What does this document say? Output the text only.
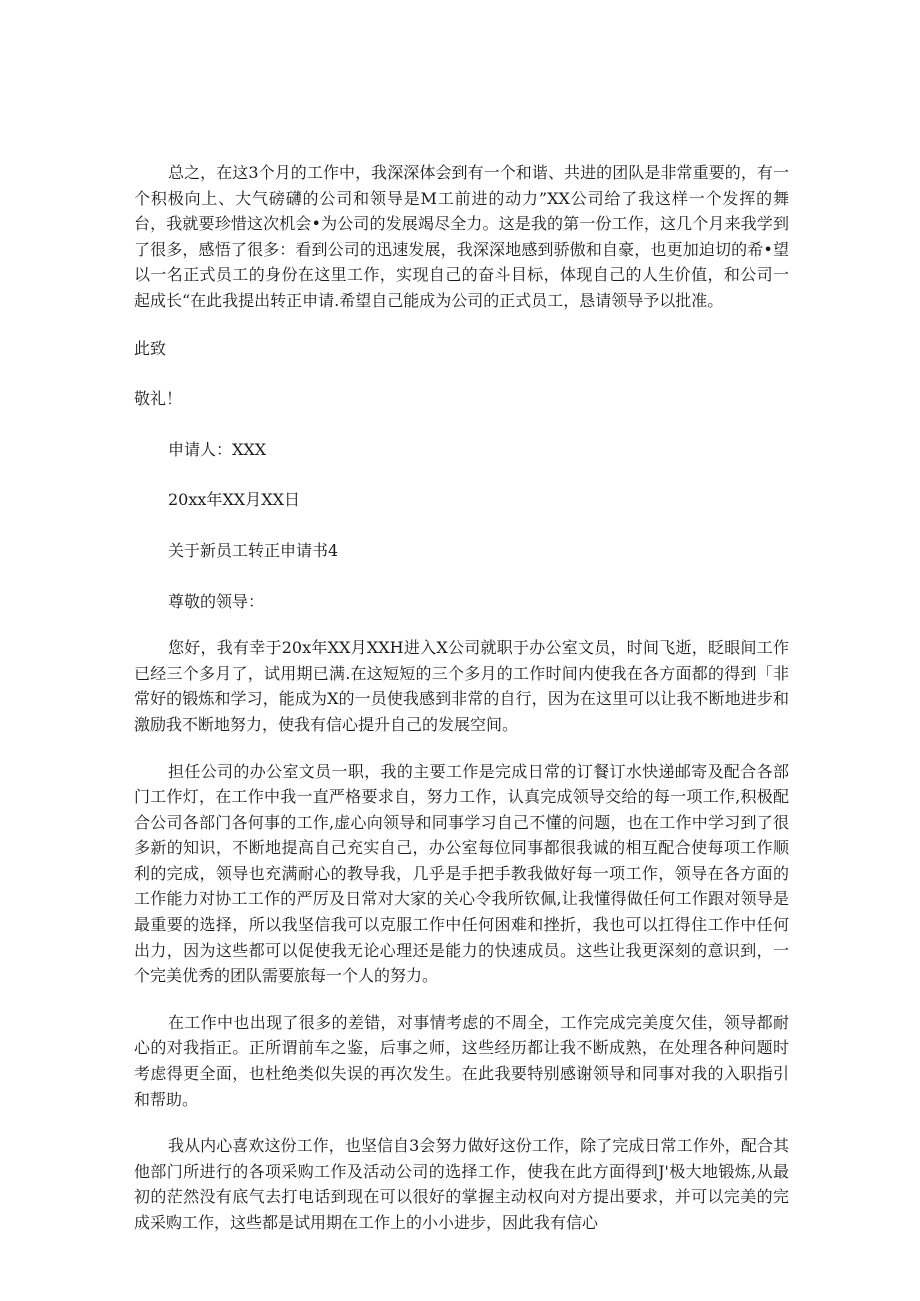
总之，在这3个月的工作中，我深深体会到有一个和谐、共进的团队是非常重要的，有一个积极向上、大气磅礴的公司和领导是M工前进的动力”XX公司给了我这样一个发挥的舞台，我就要珍惜这次机会•为公司的发展竭尽全力。这是我的第一份工作，这几个月来我学到了很多，感悟了很多：看到公司的迅速发展，我深深地感到骄傲和自豪，也更加迫切的希•望以一名正式员工的身份在这里工作，实现自己的奋斗目标，体现自己的人生价值，和公司一起成长“在此我提出转正申请.希望自己能成为公司的正式员工，恳请领导予以批准。

此致

敬礼！

申请人：XXX

20xx年XX月XX日

关于新员工转正申请书4

尊敬的领导：

您好，我有幸于20x年XX月XXH进入X公司就职于办公室文员，时间飞逝，眨眼间工作已经三个多月了，试用期已满.在这短短的三个多月的工作时间内使我在各方面都的得到「非常好的锻炼和学习，能成为X的一员使我感到非常的自行，因为在这里可以让我不断地进步和激励我不断地努力，使我有信心提升自己的发展空间。

担任公司的办公室文员一职，我的主要工作是完成日常的订餐订水快递邮寄及配合各部门工作灯，在工作中我一直严格要求自，努力工作，认真完成领导交给的每一项工作,积极配合公司各部门各何事的工作,虚心向领导和同事学习自己不懂的问题，也在工作中学习到了很多新的知识，不断地提高自己充实自己，办公室每位同事都很我诚的相互配合使每项工作顺利的完成，领导也充满耐心的教导我，几乎是手把手教我做好每一项工作，领导在各方面的工作能力对协工工作的严厉及日常对大家的关心令我所钦佩,让我懂得做任何工作跟对领导是最重要的选择，所以我坚信我可以克服工作中任何困难和挫折，我也可以扛得住工作中任何出力，因为这些都可以促使我无论心理还是能力的快速成员。这些让我更深刻的意识到，一个完美优秀的团队需要旅每一个人的努力。

在工作中也出现了很多的差错，对事情考虑的不周全，工作完成完美度欠佳，领导都耐心的对我指正。正所谓前车之鉴，后事之师，这些经历都让我不断成熟，在处理各种问题时考虑得更全面，也杜绝类似失误的再次发生。在此我要特别感谢领导和同事对我的入职指引和帮助。

我从内心喜欢这份工作，也坚信自3会努力做好这份工作，除了完成日常工作外，配合其他部门所进行的各项采购工作及活动公司的选择工作，使我在此方面得到J'极大地锻炼,从最初的茫然没有底气去打电话到现在可以很好的掌握主动权向对方提出要求，并可以完美的完成采购工作，这些都是试用期在工作上的小小进步，因此我有信心
